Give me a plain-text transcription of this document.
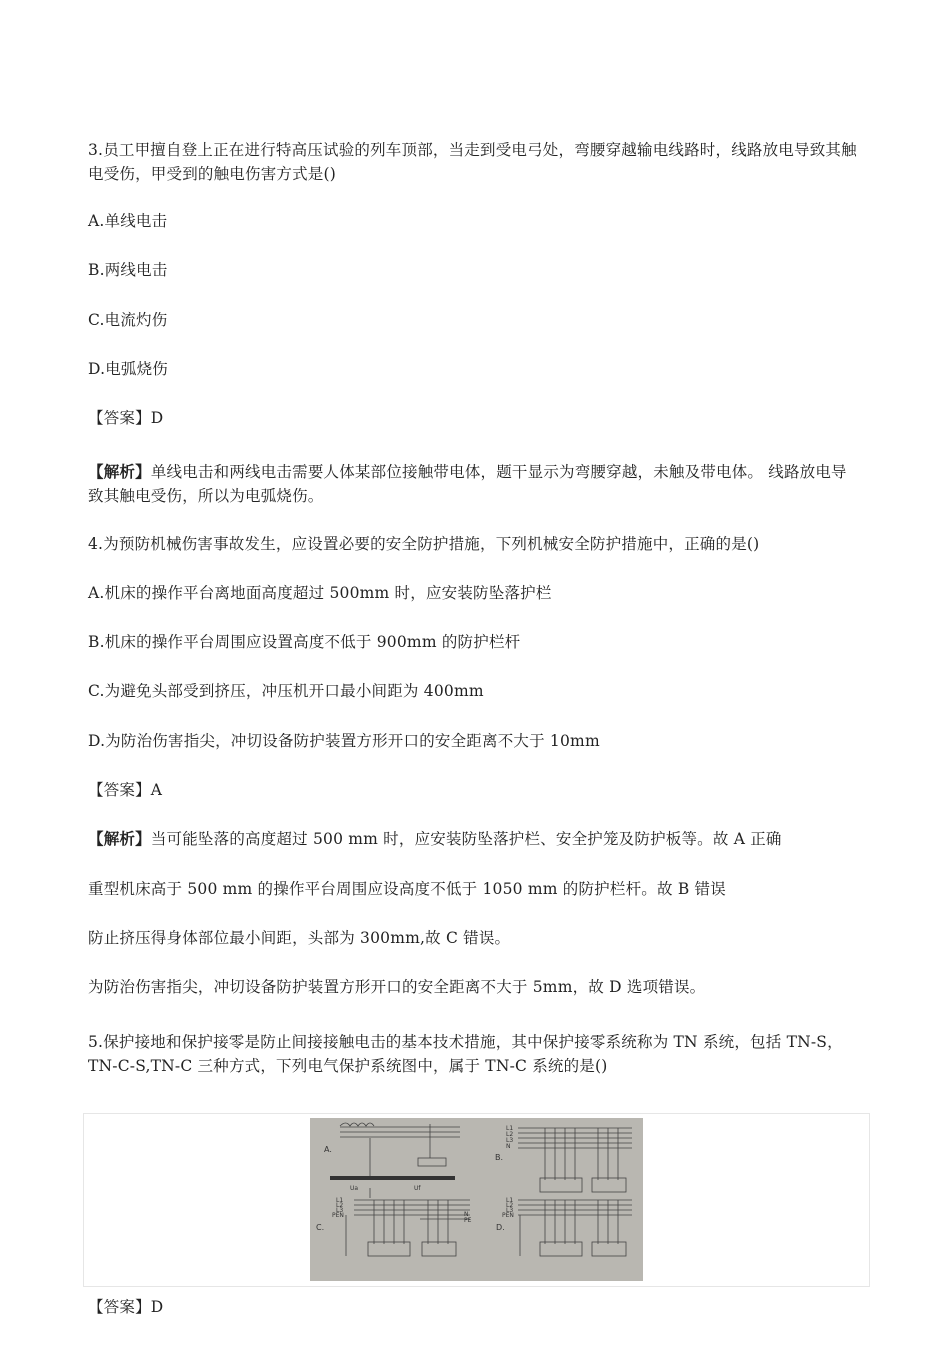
3.员工甲擅自登上正在进行特高压试验的列车顶部，当走到受电弓处，弯腰穿越输电线路时，线路放电导致其触电受伤，甲受到的触电伤害方式是()

A.单线电击

B.两线电击

C.电流灼伤

D.电弧烧伤

【答案】D

【解析】单线电击和两线电击需要人体某部位接触带电体，题干显示为弯腰穿越，未触及带电体。 线路放电导致其触电受伤，所以为电弧烧伤。

4.为预防机械伤害事故发生，应设置必要的安全防护措施，下列机械安全防护措施中，正确的是()

A.机床的操作平台离地面高度超过 500mm 时，应安装防坠落护栏

B.机床的操作平台周围应设置高度不低于 900mm 的防护栏杆

C.为避免头部受到挤压，冲压机开口最小间距为 400mm

D.为防治伤害指尖，冲切设备防护装置方形开口的安全距离不大于 10mm

【答案】A

【解析】当可能坠落的高度超过 500 mm 时，应安装防坠落护栏、安全护笼及防护板等。故 A 正确

重型机床高于 500 mm 的操作平台周围应设高度不低于 1050 mm 的防护栏杆。故 B 错误

防止挤压得身体部位最小间距，头部为 300mm,故 C 错误。

为防治伤害指尖，冲切设备防护装置方形开口的安全距离不大于 5mm，故 D 选项错误。

5.保护接地和保护接零是防止间接接触电击的基本技术措施，其中保护接零系统称为 TN 系统，包括 TN-S， TN-C-S,TN-C 三种方式，下列电气保护系统图中，属于 TN-C 系统的是()

A.
Ua	Uf
B.
L1
L2
L3
N
C.
L1
L2
L3
PEN	N
PE
D.
L1
L2
L3
PEN

【答案】D
